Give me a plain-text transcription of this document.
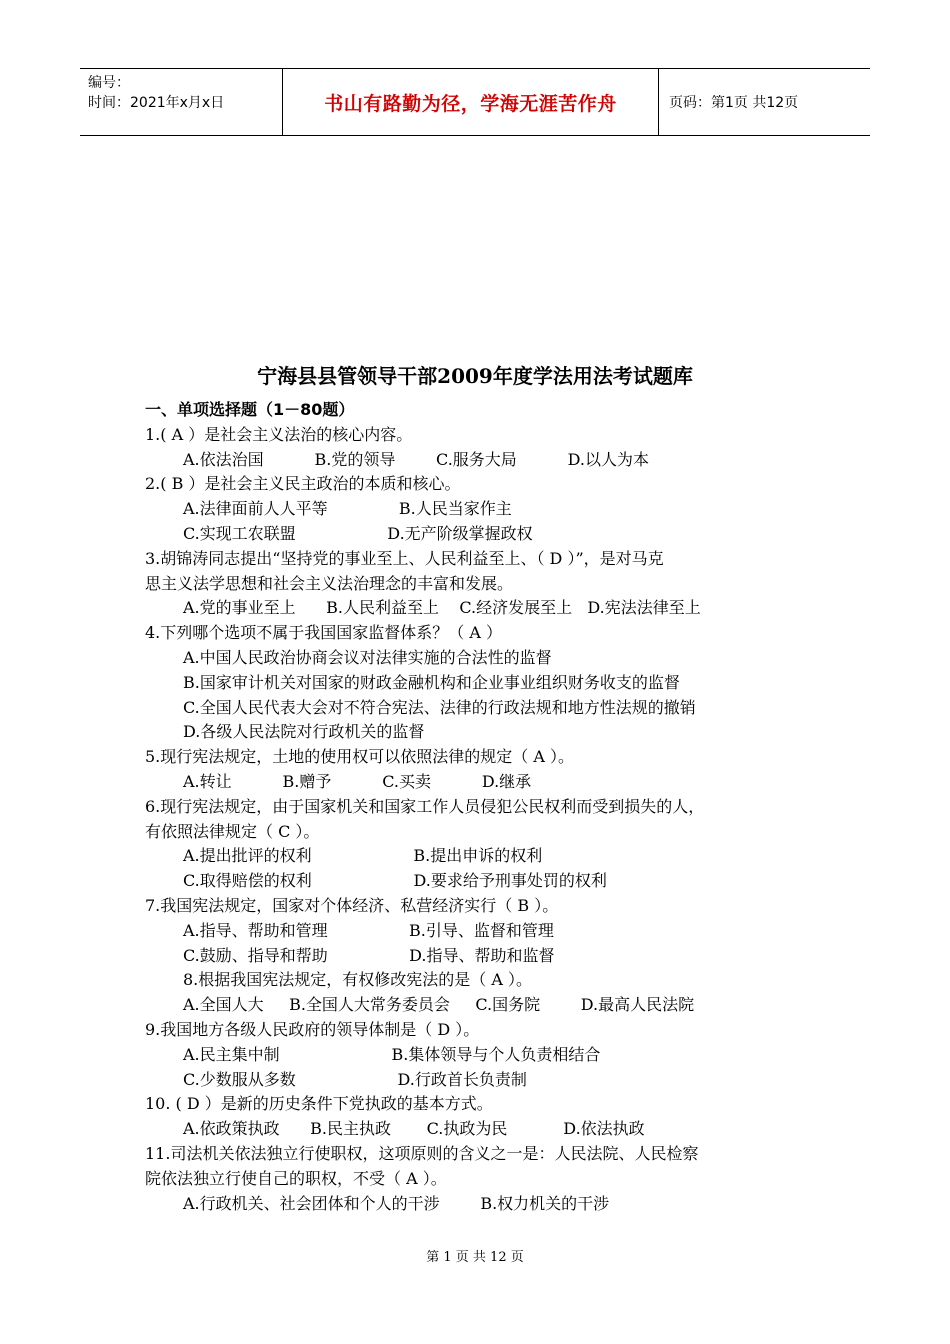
编号：
时间：2021年x月x日	书山有路勤为径，学海无涯苦作舟	页码：第1页 共12页
宁海县县管领导干部2009年度学法用法考试题库
一、单项选择题（1－80题）
1.( A ）是社会主义法治的核心内容。
A.依法治国          B.党的领导        C.服务大局          D.以人为本
2.( B ）是社会主义民主政治的本质和核心。
A.法律面前人人平等              B.人民当家作主
C.实现工农联盟                  D.无产阶级掌握政权
3.胡锦涛同志提出“坚持党的事业至上、人民利益至上、（ D ）”，是对马克
思主义法学思想和社会主义法治理念的丰富和发展。
A.党的事业至上      B.人民利益至上    C.经济发展至上   D.宪法法律至上
4.下列哪个选项不属于我国国家监督体系？（ A ）
A.中国人民政治协商会议对法律实施的合法性的监督
B.国家审计机关对国家的财政金融机构和企业事业组织财务收支的监督
C.全国人民代表大会对不符合宪法、法律的行政法规和地方性法规的撤销
D.各级人民法院对行政机关的监督
5.现行宪法规定，土地的使用权可以依照法律的规定（ A ）。
A.转让          B.赠予          C.买卖          D.继承
6.现行宪法规定，由于国家机关和国家工作人员侵犯公民权利而受到损失的人，
有依照法律规定（ C ）。
A.提出批评的权利                    B.提出申诉的权利
C.取得赔偿的权利                    D.要求给予刑事处罚的权利
7.我国宪法规定，国家对个体经济、私营经济实行（ B ）。
A.指导、帮助和管理                B.引导、监督和管理
C.鼓励、指导和帮助                D.指导、帮助和监督
8.根据我国宪法规定，有权修改宪法的是（ A ）。
A.全国人大     B.全国人大常务委员会     C.国务院        D.最高人民法院
9.我国地方各级人民政府的领导体制是（ D ）。
A.民主集中制                      B.集体领导与个人负责相结合
C.少数服从多数                    D.行政首长负责制
10. ( D ）是新的历史条件下党执政的基本方式。
A.依政策执政      B.民主执政       C.执政为民           D.依法执政
11.司法机关依法独立行使职权，这项原则的含义之一是：人民法院、人民检察
院依法独立行使自己的职权，不受（ A ）。
A.行政机关、社会团体和个人的干涉        B.权力机关的干涉
第 1 页 共 12 页
